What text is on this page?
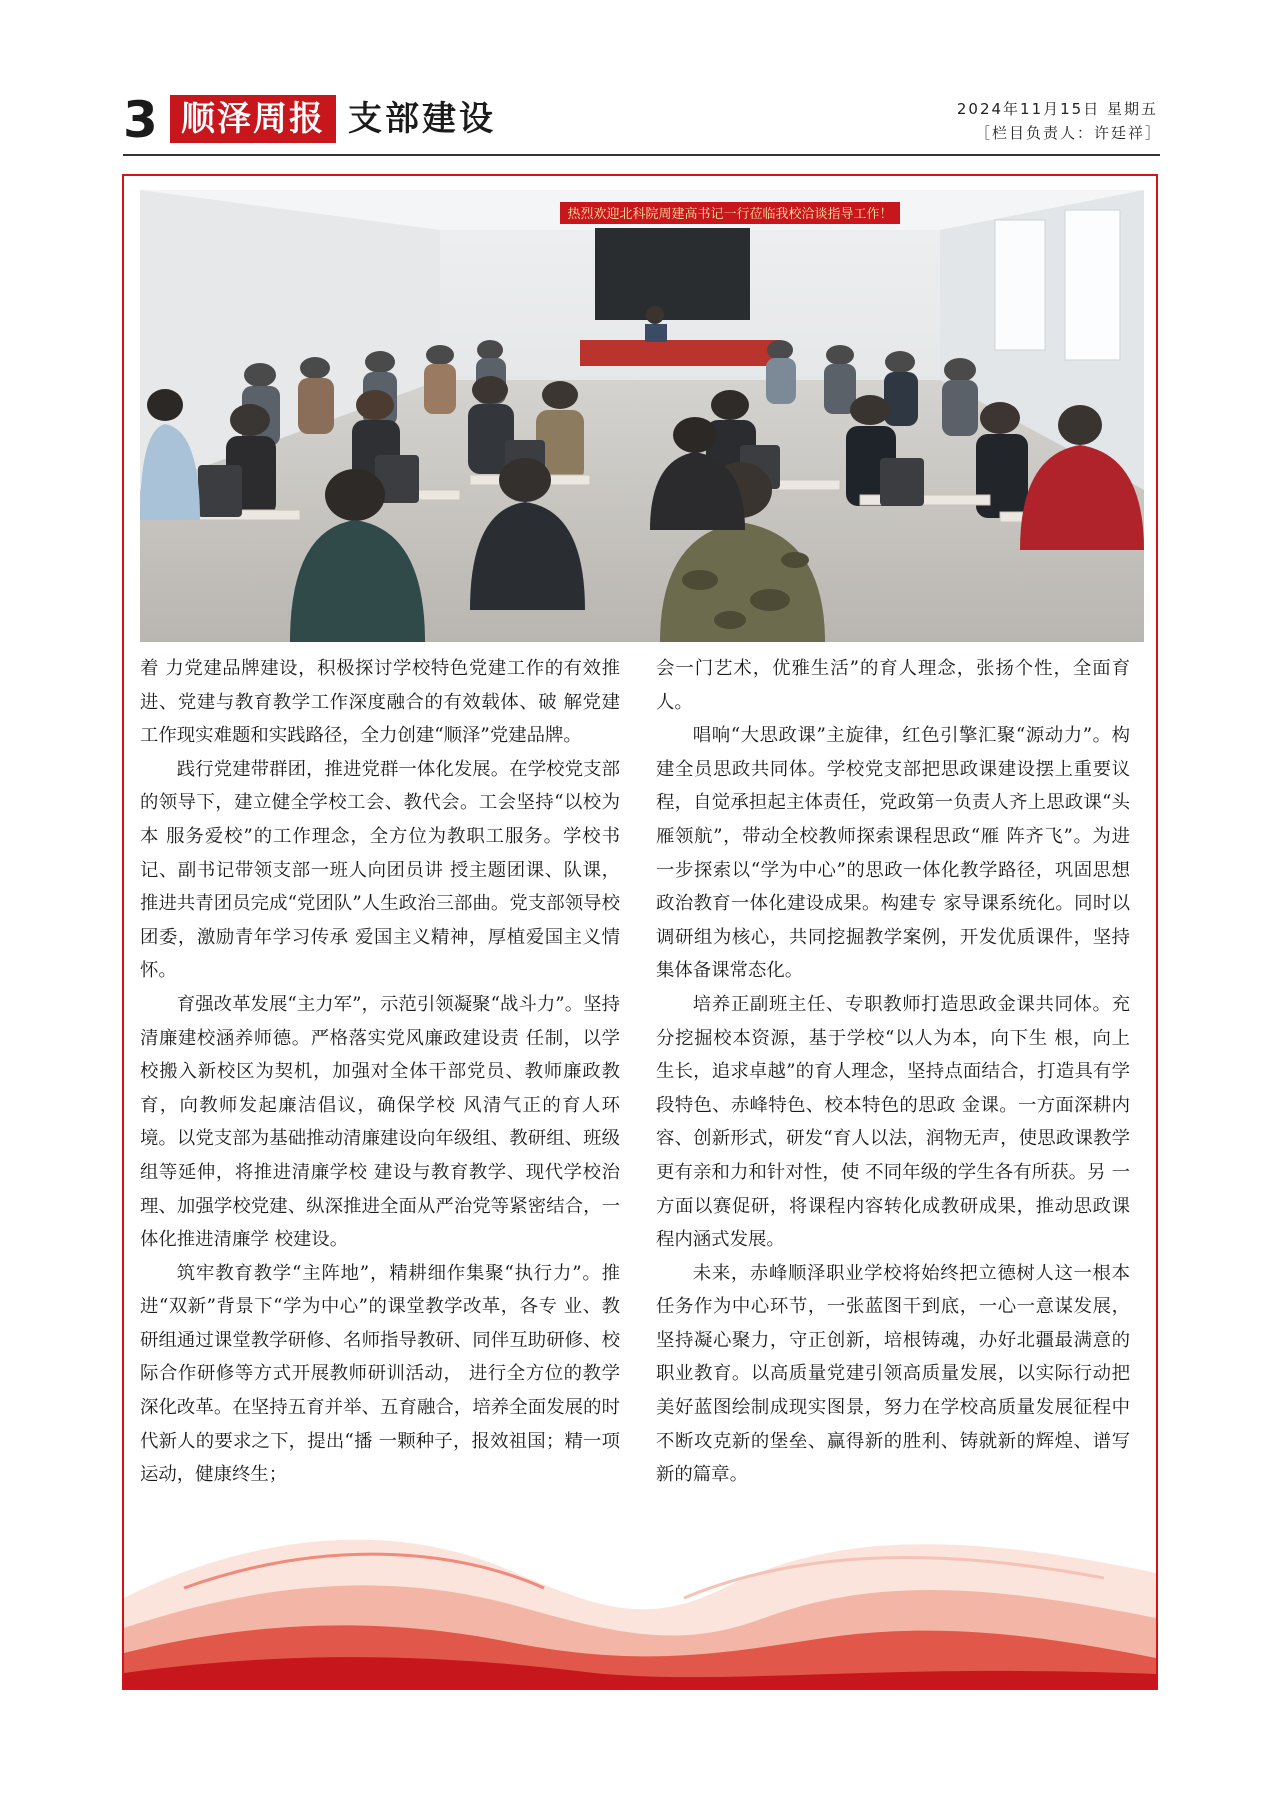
3 顺泽周报 支部建设	2024年11月15日 星期五
［栏目负责人：许廷祥］
热烈欢迎北科院周建高书记一行莅临我校洽谈指导工作！

着 力党建品牌建设，积极探讨学校特色党建工作的有效推进、党建与教育教学工作深度融合的有效载体、破 解党建工作现实难题和实践路径，全力创建“顺泽”党建品牌。

践行党建带群团，推进党群一体化发展。在学校党支部的领导下，建立健全学校工会、教代会。工会坚持“以校为本 服务爱校”的工作理念，全方位为教职工服务。学校书记、副书记带领支部一班人向团员讲 授主题团课、队课，推进共青团员完成“党团队”人生政治三部曲。党支部领导校团委，激励青年学习传承 爱国主义精神，厚植爱国主义情怀。

育强改革发展“主力军”，示范引领凝聚“战斗力”。坚持清廉建校涵养师德。严格落实党风廉政建设责 任制，以学校搬入新校区为契机，加强对全体干部党员、教师廉政教育，向教师发起廉洁倡议，确保学校 风清气正的育人环境。以党支部为基础推动清廉建设向年级组、教研组、班级组等延伸，将推进清廉学校 建设与教育教学、现代学校治理、加强学校党建、纵深推进全面从严治党等紧密结合，一体化推进清廉学 校建设。

筑牢教育教学“主阵地”，精耕细作集聚“执行力”。推进“双新”背景下“学为中心”的课堂教学改革，各专 业、教研组通过课堂教学研修、名师指导教研、同伴互助研修、校际合作研修等方式开展教师研训活动， 进行全方位的教学深化改革。在坚持五育并举、五育融合，培养全面发展的时代新人的要求之下，提出“播 一颗种子，报效祖国；精一项运动，健康终生；

会一门艺术，优雅生活”的育人理念，张扬个性，全面育 人。

唱响“大思政课”主旋律，红色引擎汇聚“源动力”。构建全员思政共同体。学校党支部把思政课建设摆上重要议程，自觉承担起主体责任，党政第一负责人齐上思政课“头雁领航”，带动全校教师探索课程思政“雁 阵齐飞”。为进一步探索以“学为中心”的思政一体化教学路径，巩固思想政治教育一体化建设成果。构建专 家导课系统化。同时以调研组为核心，共同挖掘教学案例，开发优质课件，坚持集体备课常态化。

培养正副班主任、专职教师打造思政金课共同体。充分挖掘校本资源，基于学校“以人为本，向下生 根，向上生长，追求卓越”的育人理念，坚持点面结合，打造具有学段特色、赤峰特色、校本特色的思政 金课。一方面深耕内容、创新形式，研发“育人以法，润物无声，使思政课教学更有亲和力和针对性，使 不同年级的学生各有所获。另 一方面以赛促研，将课程内容转化成教研成果，推动思政课程内涵式发展。

未来，赤峰顺泽职业学校将始终把立德树人这一根本任务作为中心环节，一张蓝图干到底，一心一意谋发展，坚持凝心聚力，守正创新，培根铸魂，办好北疆最满意的职业教育。以高质量党建引领高质量发展，以实际行动把美好蓝图绘制成现实图景，努力在学校高质量发展征程中不断攻克新的堡垒、赢得新的胜利、铸就新的辉煌、谱写新的篇章。
